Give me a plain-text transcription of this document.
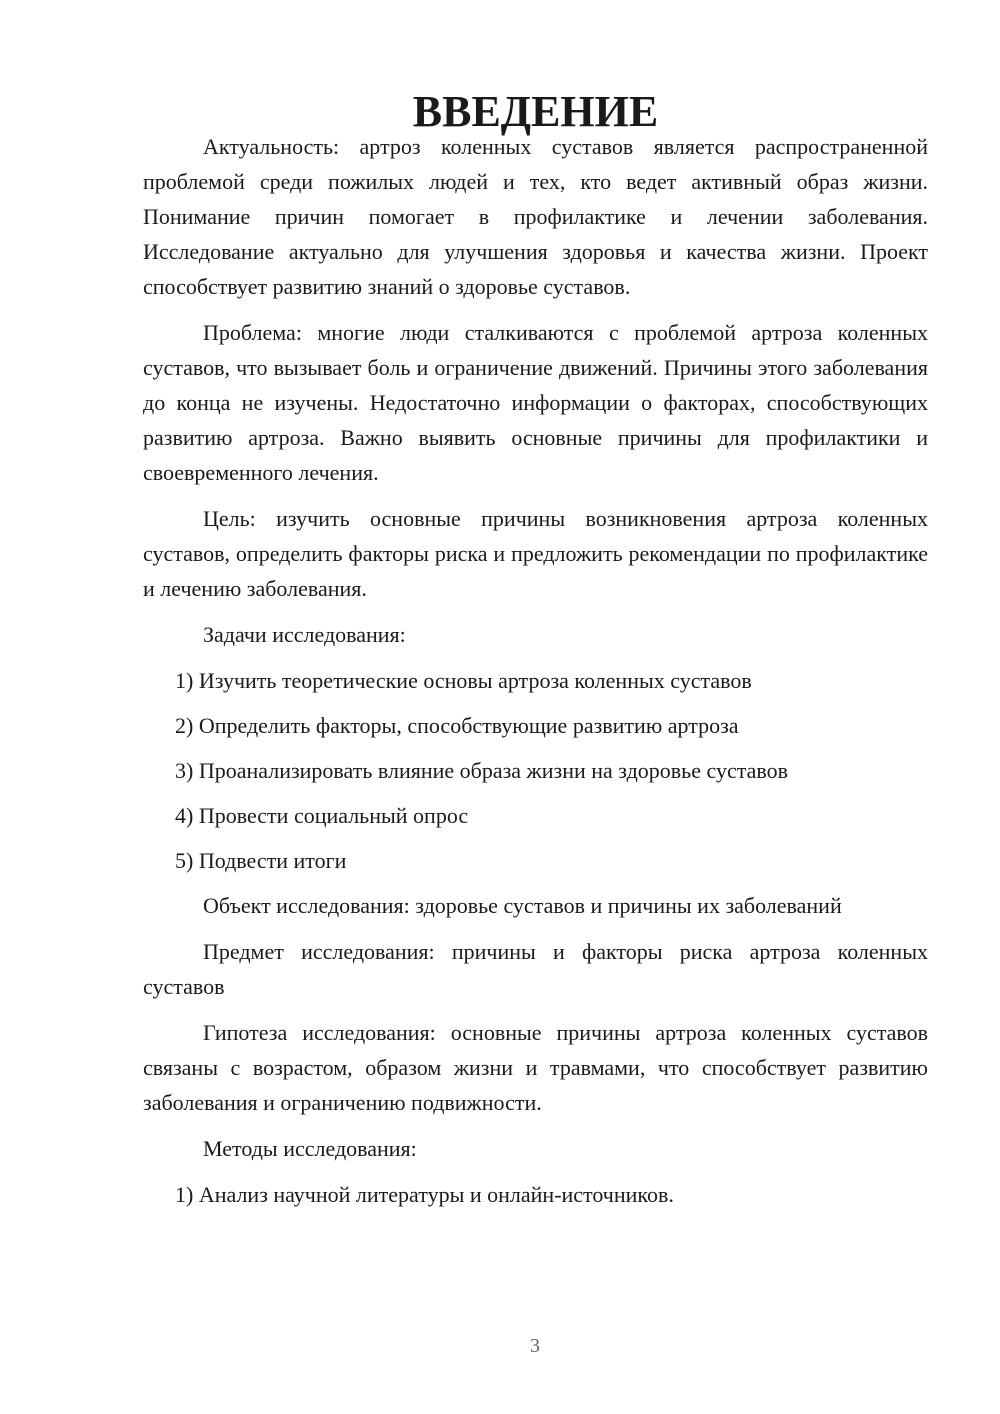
ВВЕДЕНИЕ

Актуальность: артроз коленных суставов является распространенной проблемой среди пожилых людей и тех, кто ведет активный образ жизни. Понимание причин помогает в профилактике и лечении заболевания. Исследование актуально для улучшения здоровья и качества жизни. Проект способствует развитию знаний о здоровье суставов.

Проблема: многие люди сталкиваются с проблемой артроза коленных суставов, что вызывает боль и ограничение движений. Причины этого заболевания до конца не изучены. Недостаточно информации о факторах, способствующих развитию артроза. Важно выявить основные причины для профилактики и своевременного лечения.

Цель: изучить основные причины возникновения артроза коленных суставов, определить факторы риска и предложить рекомендации по профилактике и лечению заболевания.

Задачи исследования:

1) Изучить теоретические основы артроза коленных суставов

2) Определить факторы, способствующие развитию артроза

3) Проанализировать влияние образа жизни на здоровье суставов

4) Провести социальный опрос

5) Подвести итоги

Объект исследования: здоровье суставов и причины их заболеваний

Предмет исследования: причины и факторы риска артроза коленных суставов

Гипотеза исследования: основные причины артроза коленных суставов связаны с возрастом, образом жизни и травмами, что способствует развитию заболевания и ограничению подвижности.

Методы исследования:

1) Анализ научной литературы и онлайн-источников.

3
